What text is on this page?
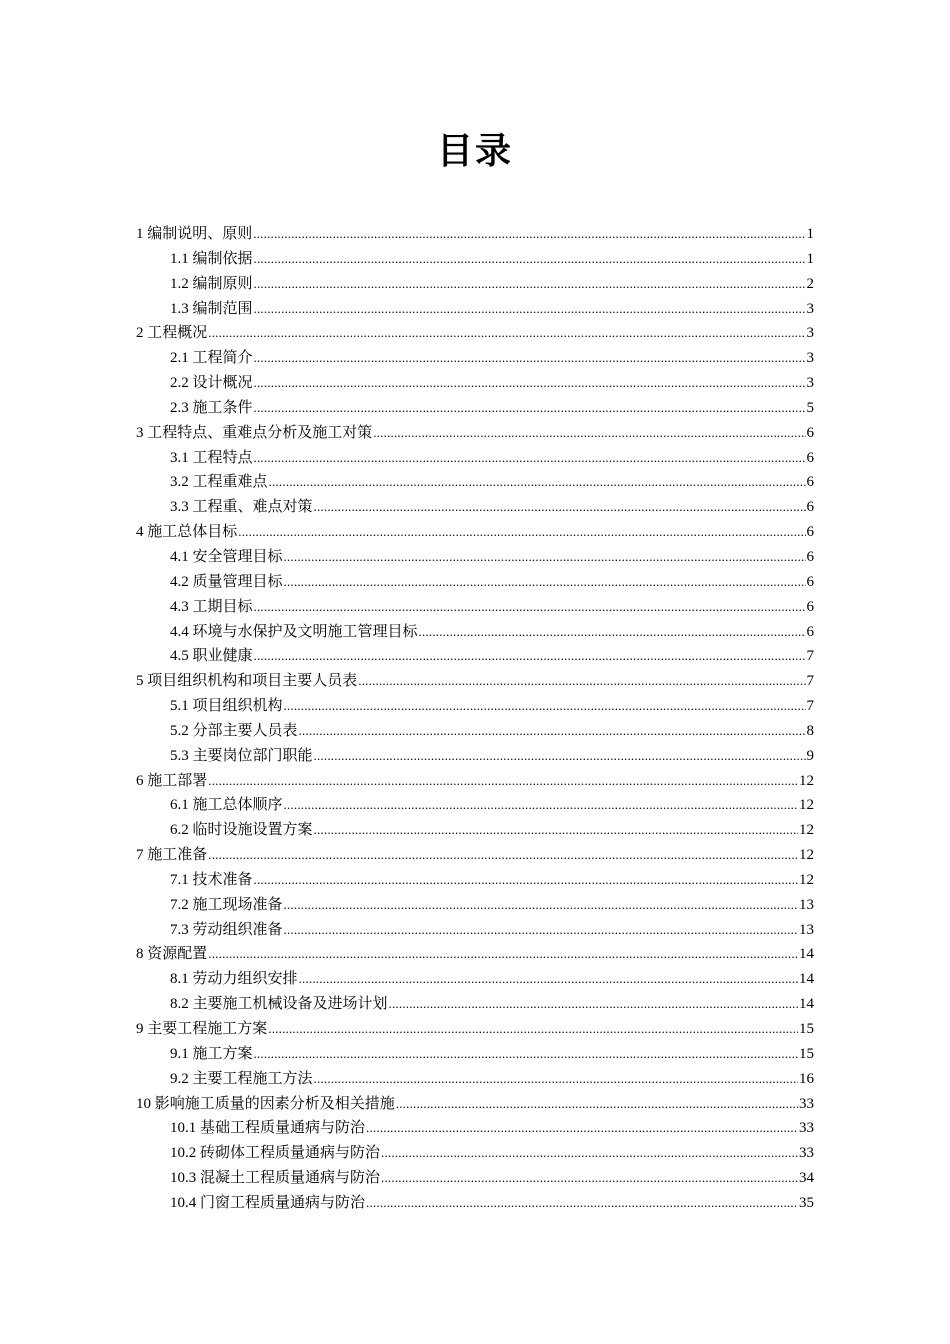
目录
1 编制说明、原则 .....	1
1.1 编制依据 .....	1
1.2 编制原则 .....	2
1.3 编制范围 .....	3
2 工程概况 .....	3
2.1 工程简介 .....	3
2.2 设计概况 .....	3
2.3 施工条件 .....	5
3 工程特点、重难点分析及施工对策 .....	6
3.1 工程特点 .....	6
3.2 工程重难点 .....	6
3.3 工程重、难点对策 .....	6
4 施工总体目标 .....	6
4.1 安全管理目标 .....	6
4.2 质量管理目标 .....	6
4.3 工期目标 .....	6
4.4 环境与水保护及文明施工管理目标 .....	6
4.5 职业健康 .....	7
5 项目组织机构和项目主要人员表 .....	7
5.1 项目组织机构 .....	7
5.2 分部主要人员表 .....	8
5.3 主要岗位部门职能 .....	9
6 施工部署 .....	12
6.1 施工总体顺序 .....	12
6.2 临时设施设置方案 .....	12
7 施工准备 .....	12
7.1 技术准备 .....	12
7.2 施工现场准备 .....	13
7.3 劳动组织准备 .....	13
8 资源配置 .....	14
8.1 劳动力组织安排 .....	14
8.2 主要施工机械设备及进场计划 .....	14
9 主要工程施工方案 .....	15
9.1 施工方案 .....	15
9.2 主要工程施工方法 .....	16
10 影响施工质量的因素分析及相关措施 .....	33
10.1 基础工程质量通病与防治 .....	33
10.2 砖砌体工程质量通病与防治 .....	33
10.3 混凝土工程质量通病与防治 .....	34
10.4 门窗工程质量通病与防治 .....	35
